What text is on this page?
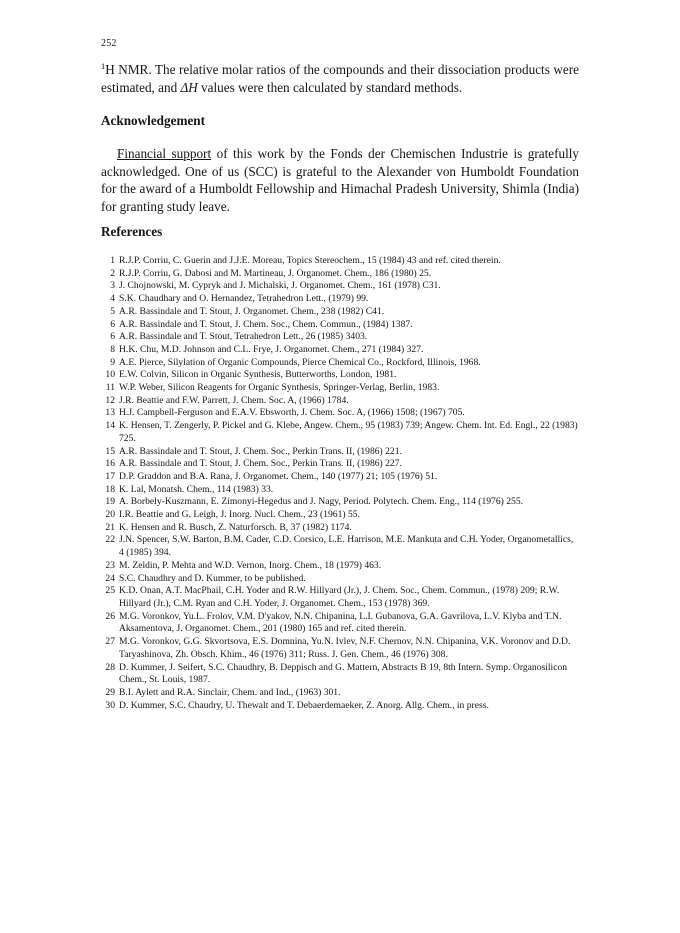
252

$^1$H NMR. The relative molar ratios of the compounds and their dissociation products were estimated, and ΔH values were then calculated by standard methods.

Acknowledgement

Financial support of this work by the Fonds der Chemischen Industrie is gratefully acknowledged. One of us (SCC) is grateful to the Alexander von Humboldt Foundation for the award of a Humboldt Fellowship and Himachal Pradesh University, Shimla (India) for granting study leave.

References
1 R.J.P. Corriu, C. Guerin and J.J.E. Moreau, Topics Stereochem., 15 (1984) 43 and ref. cited therein.
2 R.J.P. Corriu, G. Dabosi and M. Martineau, J. Organomet. Chem., 186 (1980) 25.
3 J. Chojnowski, M. Cypryk and J. Michalski, J. Organomet. Chem., 161 (1978) C31.
4 S.K. Chaudhary and O. Hernandez, Tetrahedron Lett., (1979) 99.
5 A.R. Bassindale and T. Stout, J. Organomet. Chem., 238 (1982) C41.
6 A.R. Bassindale and T. Stout, J. Chem. Soc., Chem. Commun., (1984) 1387.
6 A.R. Bassindale and T. Stout, Tetrahedron Lett., 26 (1985) 3403.
8 H.K. Chu, M.D. Johnson and C.L. Frye, J. Organomet. Chem., 271 (1984) 327.
9 A.E. Pierce, Silylation of Organic Compounds, Pierce Chemical Co., Rockford, Illinois, 1968.
10 E.W. Colvin, Silicon in Organic Synthesis, Butterworths, London, 1981.
11 W.P. Weber, Silicon Reagents for Organic Synthesis, Springer-Verlag, Berlin, 1983.
12 J.R. Beattie and F.W. Parrett, J. Chem. Soc. A, (1966) 1784.
13 H.J. Campbell-Ferguson and E.A.V. Ebsworth, J. Chem. Soc. A, (1966) 1508; (1967) 705.
14 K. Hensen, T. Zengerly, P. Pickel and G. Klebe, Angew. Chem., 95 (1983) 739; Angew. Chem. Int. Ed. Engl., 22 (1983) 725.
15 A.R. Bassindale and T. Stout, J. Chem. Soc., Perkin Trans. II, (1986) 221.
16 A.R. Bassindale and T. Stout, J. Chem. Soc., Perkin Trans. II, (1986) 227.
17 D.P. Graddon and B.A. Rana, J. Organomet. Chem., 140 (1977) 21; 105 (1976) 51.
18 K. Lal, Monatsh. Chem., 114 (1983) 33.
19 A. Borbely-Kuszmann, E. Zimonyi-Hegedus and J. Nagy, Period. Polytech. Chem. Eng., 114 (1976) 255.
20 I.R. Beattie and G. Leigh, J. Inorg. Nucl. Chem., 23 (1961) 55.
21 K. Hensen and R. Busch, Z. Naturforsch. B, 37 (1982) 1174.
22 J.N. Spencer, S.W. Barton, B.M. Cader, C.D. Corsico, L.E. Harrison, M.E. Mankuta and C.H. Yoder, Organometallics, 4 (1985) 394.
23 M. Zeldin, P. Mehta and W.D. Vernon, Inorg. Chem., 18 (1979) 463.
24 S.C. Chaudhry and D. Kummer, to be published.
25 K.D. Onan, A.T. MacPhail, C.H. Yoder and R.W. Hillyard (Jr.), J. Chem. Soc., Chem. Commun., (1978) 209; R.W. Hillyard (Jr.), C.M. Ryan and C.H. Yoder, J. Organomet. Chem., 153 (1978) 369.
26 M.G. Voronkov, Yu.L. Frolov, V.M. D'yakov, N.N. Chipanina, L.I. Gubanova, G.A. Gavrilova, L.V. Klyba and T.N. Aksamentova, J. Organomet. Chem., 201 (1980) 165 and ref. cited therein.
27 M.G. Voronkov, G.G. Skvortsova, E.S. Domnina, Yu.N. Ivlev, N.F. Chernov, N.N. Chipanina, V.K. Voronov and D.D. Taryashinova, Zh. Obsch. Khim., 46 (1976) 311; Russ. J. Gen. Chem., 46 (1976) 308.
28 D. Kummer, J. Seifert, S.C. Chaudhry, B. Deppisch and G. Mattern, Abstracts B 19, 8th Intern. Symp. Organosilicon Chem., St. Louis, 1987.
29 B.I. Aylett and R.A. Sinclair, Chem. and Ind., (1963) 301.
30 D. Kummer, S.C. Chaudry, U. Thewalt and T. Debaerdemaeker, Z. Anorg. Allg. Chem., in press.
